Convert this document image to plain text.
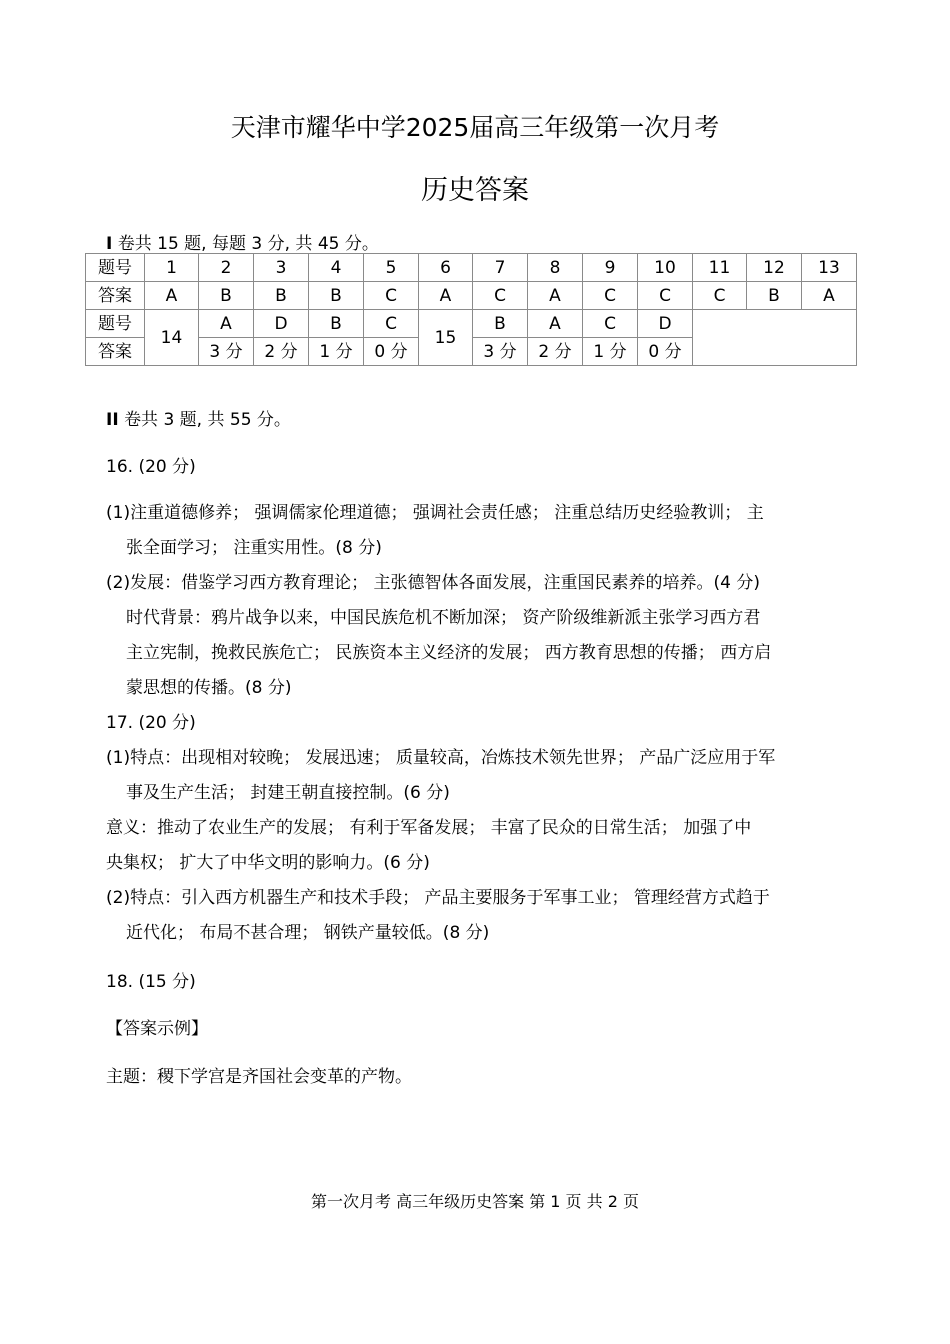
天津市耀华中学2025届高三年级第一次月考
历史答案
I 卷共 15 题, 每题 3 分, 共 45 分。
题号	1	2	3	4	5	6	7	8	9	10	11	12	13
答案	A	B	B	B	C	A	C	A	C	C	C	B	A
题号	14	A	D	B	C	15	B	A	C	D			
答案		3 分	2 分	1 分	0 分		3 分	2 分	1 分	0 分			
II 卷共 3 题, 共 55 分。
16. (20 分)
(1)注重道德修养； 强调儒家伦理道德； 强调社会责任感； 注重总结历史经验教训； 主
张全面学习； 注重实用性。(8 分)
(2)发展：借鉴学习西方教育理论； 主张德智体各面发展，注重国民素养的培养。(4 分)
时代背景：鸦片战争以来，中国民族危机不断加深； 资产阶级维新派主张学习西方君
主立宪制，挽救民族危亡； 民族资本主义经济的发展； 西方教育思想的传播； 西方启
蒙思想的传播。(8 分)
17. (20 分)
(1)特点：出现相对较晚； 发展迅速； 质量较高，冶炼技术领先世界； 产品广泛应用于军
事及生产生活； 封建王朝直接控制。(6 分)
意义：推动了农业生产的发展； 有利于军备发展； 丰富了民众的日常生活； 加强了中
央集权； 扩大了中华文明的影响力。(6 分)
(2)特点：引入西方机器生产和技术手段； 产品主要服务于军事工业； 管理经营方式趋于
近代化； 布局不甚合理； 钢铁产量较低。(8 分)
18. (15 分)
【答案示例】
主题：稷下学宫是齐国社会变革的产物。
第一次月考 高三年级历史答案 第 1 页 共 2 页
